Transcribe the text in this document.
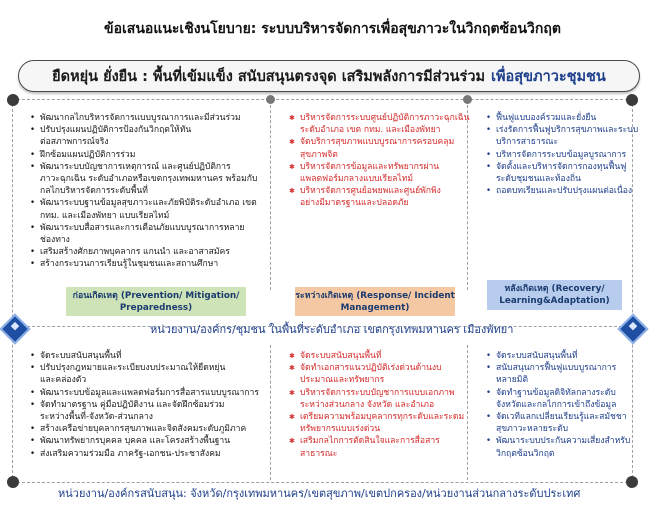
ข้อเสนอแนะเชิงนโยบาย: ระบบบริหารจัดการเพื่อสุขภาวะในวิกฤตซ้อนวิกฤต
ยืดหยุ่น ยั่งยืน : พื้นที่เข้มแข็ง สนับสนุนตรงจุด เสริมพลังการมีส่วนร่วม เพื่อสุขภาวะชุมชน
• พัฒนากลไกบริหารจัดการแบบบูรณาการและมีส่วนร่วม
• ปรับปรุงแผนปฏิบัติการป้องกันวิกฤตให้ทัน
ต่อสภาพการณ์จริง
• ฝึกซ้อมแผนปฏิบัติการร่วม
• พัฒนาระบบบัญชาการเหตุการณ์ และศูนย์ปฏิบัติการ
ภาวะฉุกเฉิน ระดับอำเภอหรือเขตกรุงเทพมหานคร พร้อมกับ
กลไกบริหารจัดการระดับพื้นที่
• พัฒนาระบบฐานข้อมูลสุขภาวะและภัยพิบัติระดับอำเภอ เขต
กทม. และเมืองพัทยา แบบเรียลไทม์
• พัฒนาระบบสื่อสารและการเตือนภัยแบบบูรณาการหลาย
ช่องทาง
• เสริมสร้างศักยภาพบุคลากร แกนนำ และอาสาสมัคร
• สร้างกระบวนการเรียนรู้ในชุมชนและสถานศึกษา
✱ บริหารจัดการระบบศูนย์ปฏิบัติการภาวะฉุกเฉิน
ระดับอำเภอ เขต กทม. และเมืองพัทยา
✱ จัดบริการสุขภาพแบบบูรณาการครอบคลุม
สุขภาพจิต
✱ บริหารจัดการข้อมูลและทรัพยากรผ่าน
แพลตฟอร์มกลางแบบเรียลไทม์
✱ บริหารจัดการศูนย์อพยพและศูนย์พักพิง
อย่างมีมาตรฐานและปลอดภัย
• ฟื้นฟูแบบองค์รวมและยั่งยืน
• เร่งรัดการฟื้นฟูบริการสุขภาพและระบบ
บริการสาธารณะ
• บริหารจัดการระบบข้อมูลบูรณาการ
• จัดตั้งและบริหารจัดการกองทุนฟื้นฟู
ระดับชุมชนและท้องถิ่น
• ถอดบทเรียนและปรับปรุงแผนต่อเนื่อง
ก่อนเกิดเหตุ (Prevention/ Mitigation/ Preparedness)
ระหว่างเกิดเหตุ (Response/ Incident Management)
หลังเกิดเหตุ (Recovery/ Learning&Adaptation)
หน่วยงาน/องค์กร/ชุมชน ในพื้นที่ระดับอำเภอ เขตกรุงเทพมหานคร เมืองพัทยา
• จัดระบบสนับสนุนพื้นที่
• ปรับปรุงกฎหมายและระเบียบงบประมาณให้ยืดหยุ่น
และคล่องตัว
• พัฒนาระบบข้อมูลและแพลตฟอร์มการสื่อสารแบบบูรณาการ
• จัดทำมาตรฐาน คู่มือปฏิบัติงาน และจัดฝึกซ้อมร่วม
ระหว่างพื้นที่-จังหวัด-ส่วนกลาง
• สร้างเครือข่ายบุคลากรสุขภาพและจิตสังคมระดับภูมิภาค
• พัฒนาทรัพยากรบุคคล บุคคล และโครงสร้างพื้นฐาน
• ส่งเสริมความร่วมมือ ภาครัฐ-เอกชน-ประชาสังคม
✱ จัดระบบสนับสนุนพื้นที่
✱ จัดทำเอกสารแนวปฏิบัติเร่งด่วนด้านงบ
ประมาณและทรัพยากร
✱ บริหารจัดการระบบบัญชาการแบบเอกภาพ
ระหว่างส่วนกลาง จังหวัด และอำเภอ
✱ เตรียมความพร้อมบุคลากรทุกระดับและระดม
ทรัพยากรแบบเร่งด่วน
✱ เสริมกลไกการตัดสินใจและการสื่อสาร
สาธารณะ
• จัดระบบสนับสนุนพื้นที่
• สนับสนุนการฟื้นฟูแบบบูรณาการ
หลายมิติ
• จัดทำฐานข้อมูลดิจิทัลกลางระดับ
จังหวัดและกลไกการเข้าถึงข้อมูล
• จัดเวทีแลกเปลี่ยนเรียนรู้และสมัชชา
สุขภาวะหลายระดับ
• พัฒนาระบบประกันความเสี่ยงสำหรับ
วิกฤตซ้อนวิกฤต
หน่วยงาน/องค์กรสนับสนุน: จังหวัด/กรุงเทพมหานคร/เขตสุขภาพ/เขตปกครอง/หน่วยงานส่วนกลางระดับประเทศ
